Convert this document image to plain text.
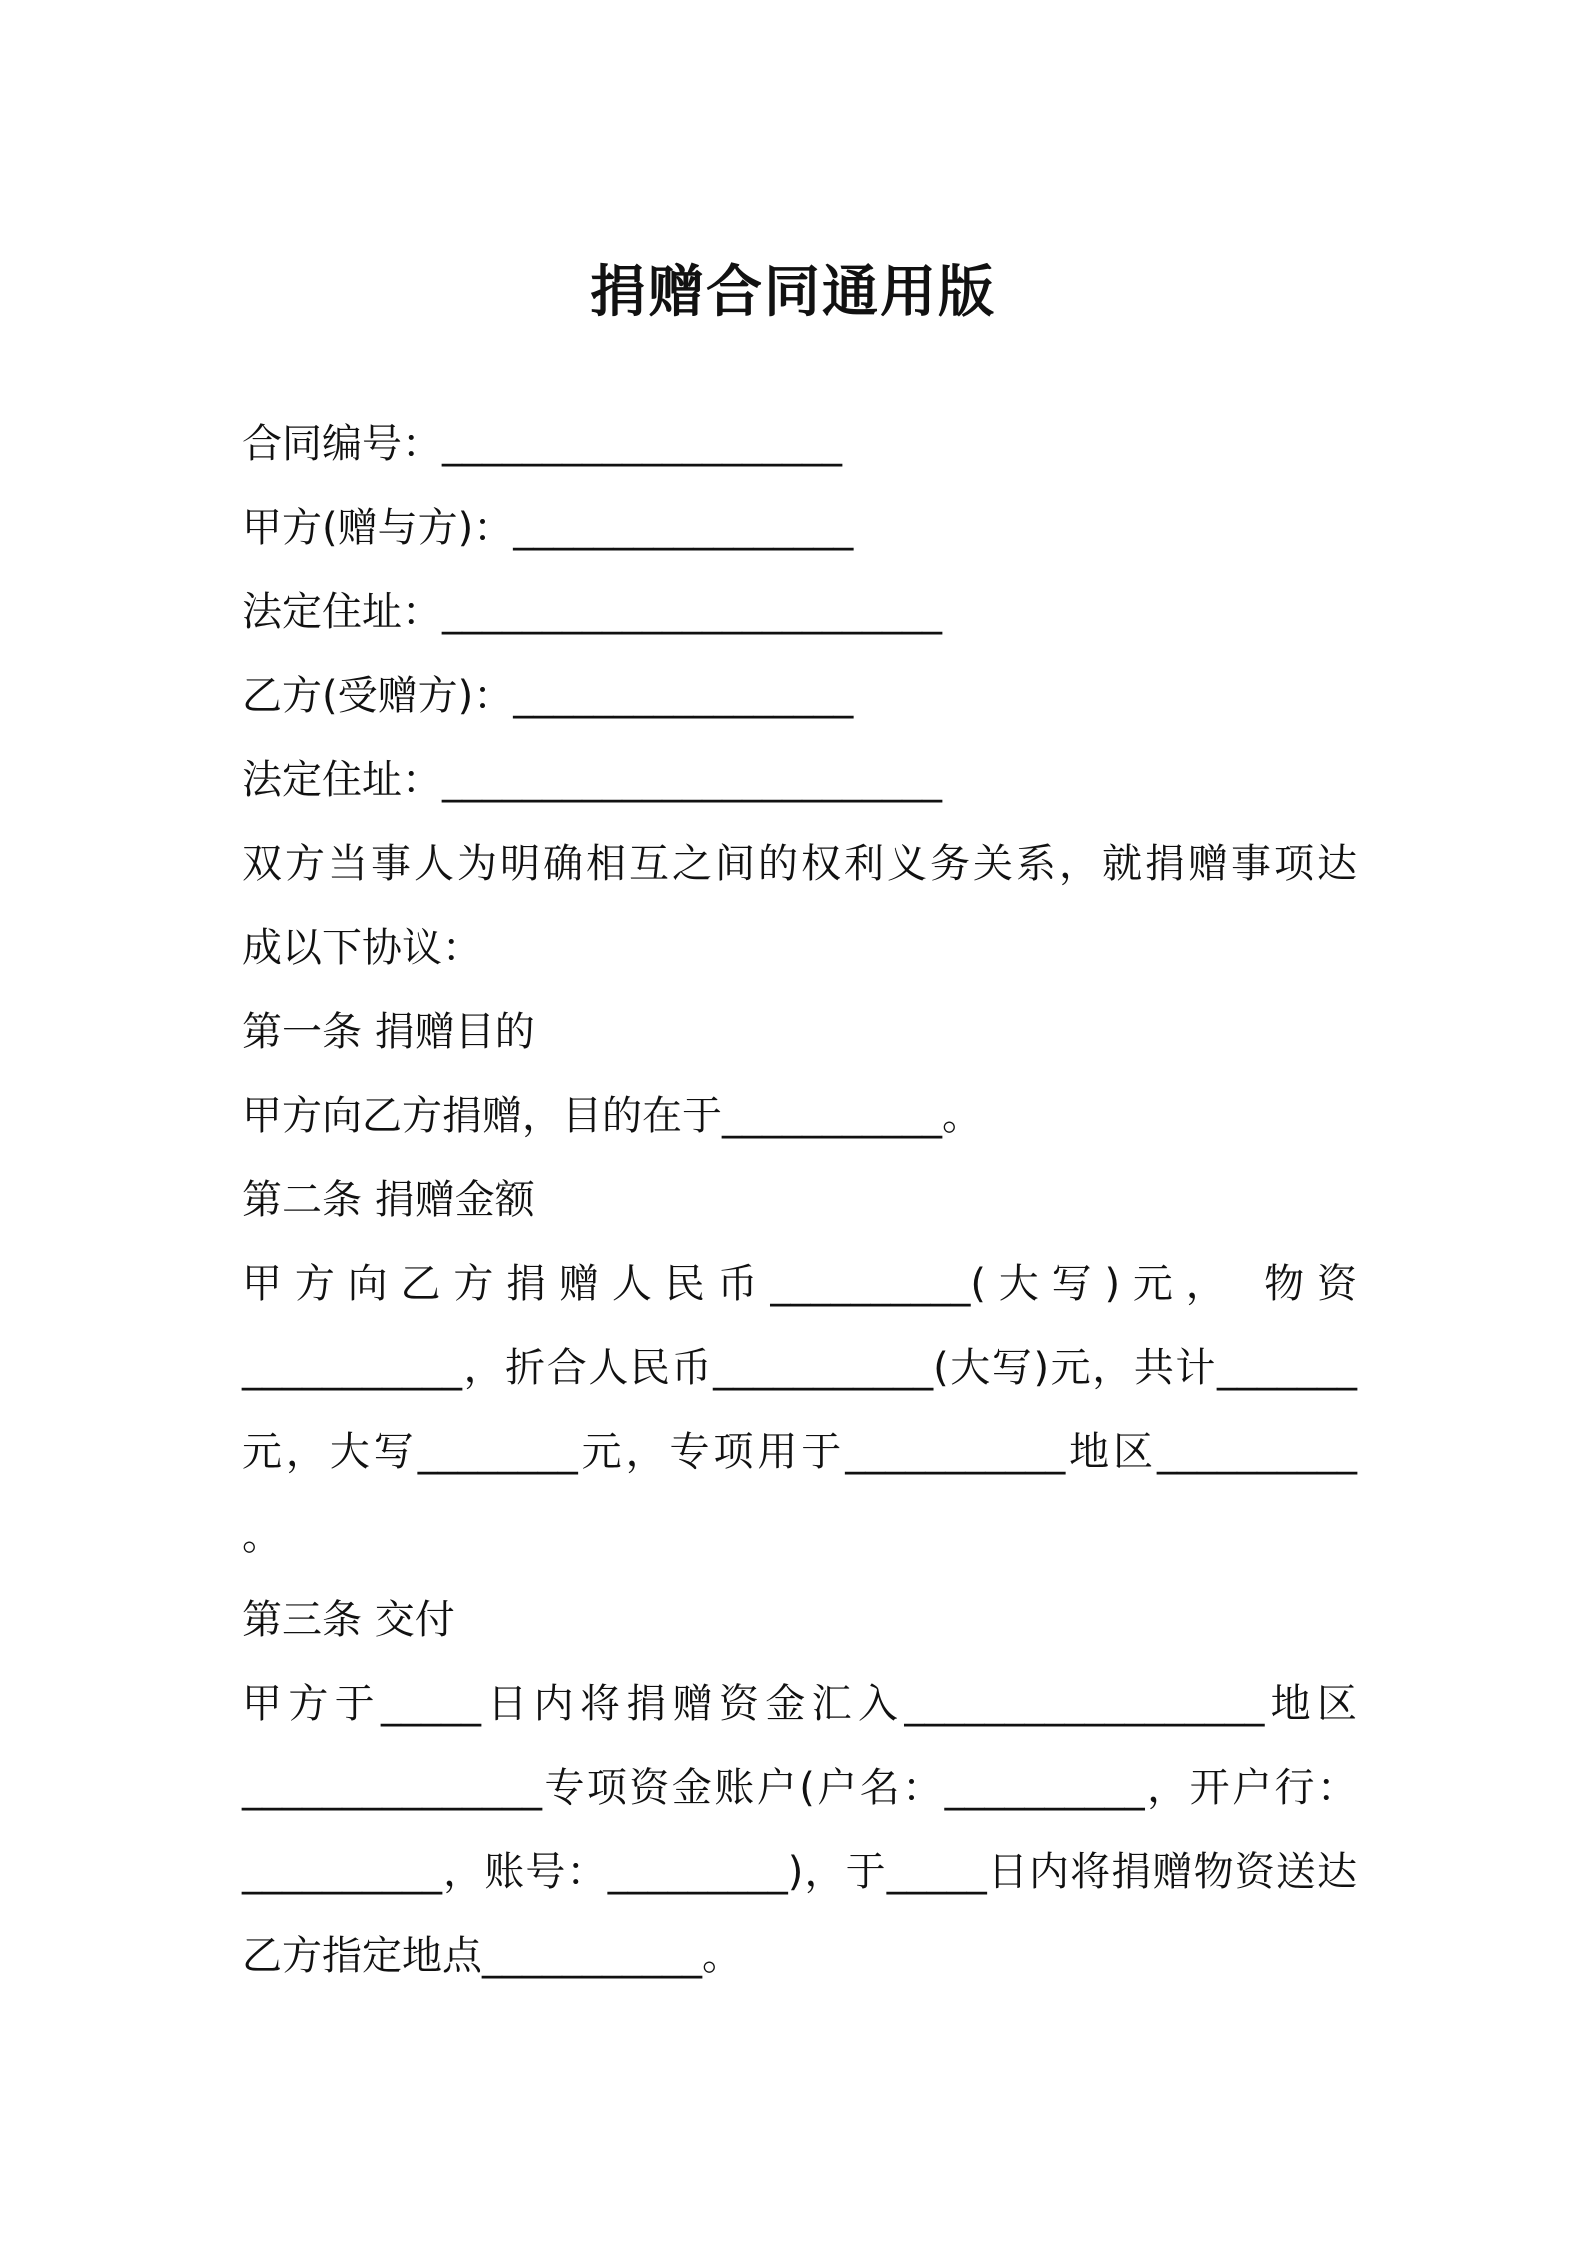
捐赠合同通用版
合同编号：____________________
甲方(赠与方)：_________________
法定住址：_________________________
乙方(受赠方)：_________________
法定住址：_________________________
双方当事人为明确相互之间的权利义务关系，就捐赠事项达
成以下协议：
第一条 捐赠目的
甲方向乙方捐赠，目的在于___________。
第二条 捐赠金额
甲方向乙方捐赠人民币__________(大写)元， 物资
___________，折合人民币___________(大写)元，共计_______
元，大写________元，专项用于___________地区__________
。
第三条 交付
甲方于_____日内将捐赠资金汇入__________________地区
_______________专项资金账户(户名：__________，开户行：
__________，账号：_________)，于_____日内将捐赠物资送达
乙方指定地点___________。
